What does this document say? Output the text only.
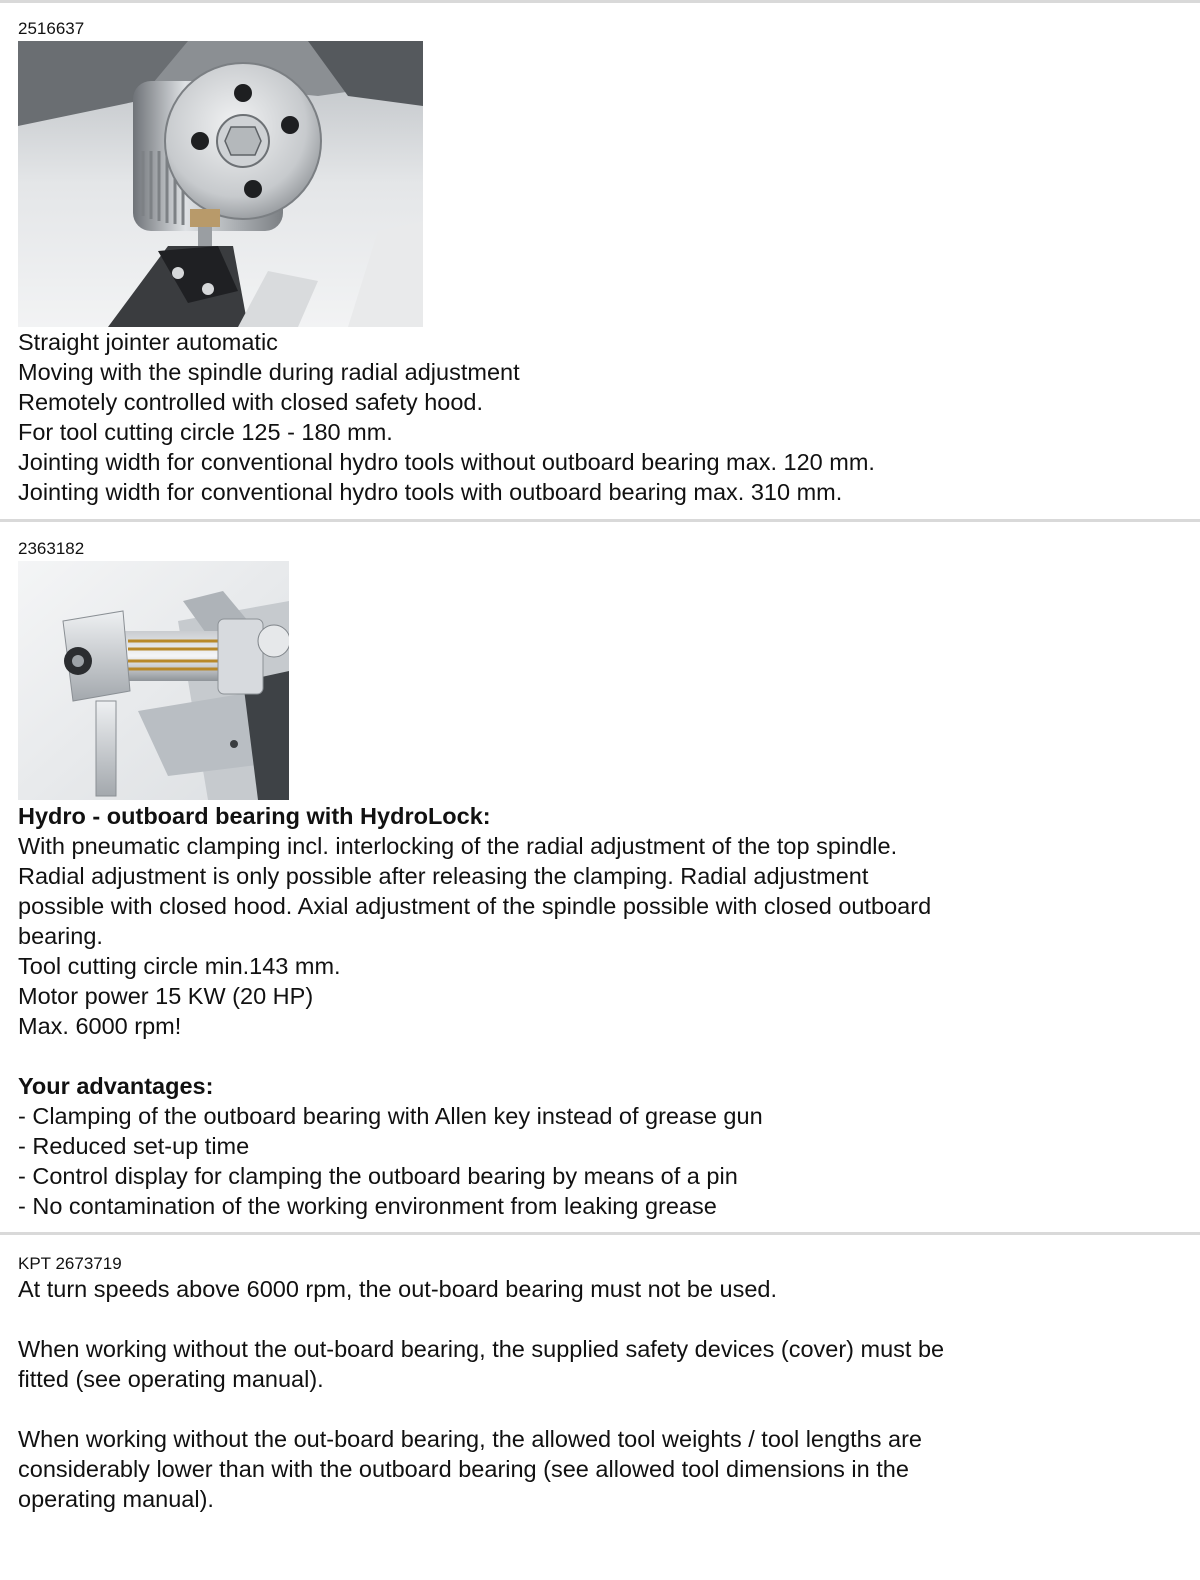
2516637

Straight jointer automatic
Moving with the spindle during radial adjustment
Remotely controlled with closed safety hood.
For tool cutting circle 125 - 180 mm.
Jointing width for conventional hydro tools without outboard bearing max. 120 mm.
Jointing width for conventional hydro tools with outboard bearing max. 310 mm.

2363182

Hydro - outboard bearing with HydroLock:
With pneumatic clamping incl. interlocking of the radial adjustment of the top spindle.
Radial adjustment is only possible after releasing the clamping. Radial adjustment
possible with closed hood. Axial adjustment of the spindle possible with closed outboard
bearing.
Tool cutting circle min.143 mm.
Motor power 15 KW (20 HP)
Max. 6000 rpm!
Your advantages:
- Clamping of the outboard bearing with Allen key instead of grease gun
- Reduced set-up time
- Control display for clamping the outboard bearing by means of a pin
- No contamination of the working environment from leaking grease

KPT 2673719

At turn speeds above 6000 rpm, the out-board bearing must not be used.
When working without the out-board bearing, the supplied safety devices (cover) must be
fitted (see operating manual).
When working without the out-board bearing, the allowed tool weights / tool lengths are
considerably lower than with the outboard bearing (see allowed tool dimensions in the
operating manual).
